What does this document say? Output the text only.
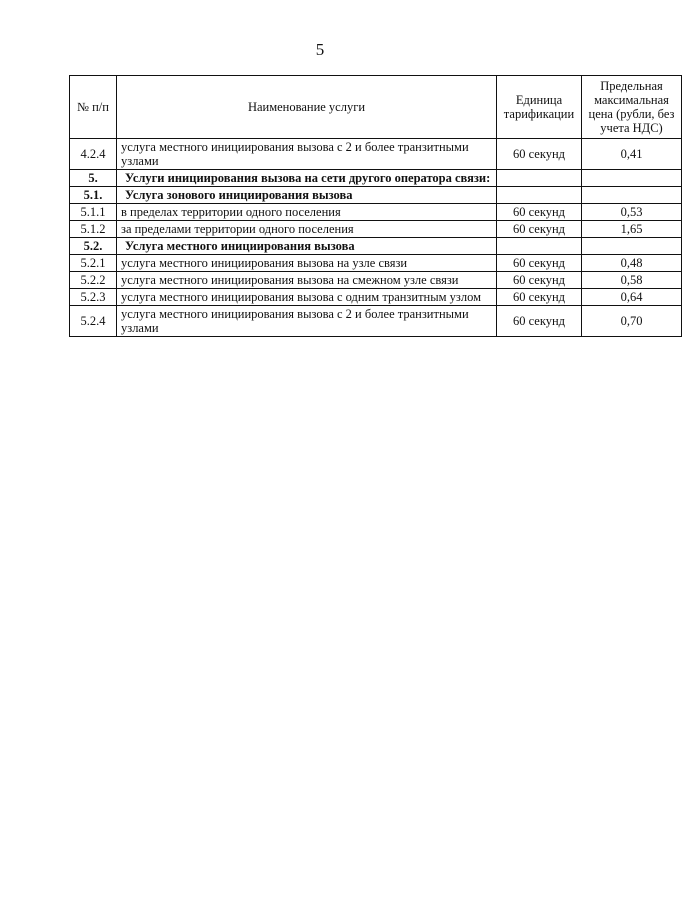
5
№ п/п	Наименование услуги	Единица тарификации	Предельная максимальная цена (рубли, без учета НДС)
4.2.4	услуга местного инициирования вызова с 2 и более транзитными узлами	60 секунд	0,41
5.	Услуги инициирования вызова на сети другого оператора связи:		
5.1.	Услуга зонового инициирования вызова		
5.1.1	в пределах территории одного поселения	60 секунд	0,53
5.1.2	за пределами территории одного поселения	60 секунд	1,65
5.2.	Услуга местного инициирования вызова		
5.2.1	услуга местного инициирования вызова на узле связи	60 секунд	0,48
5.2.2	услуга местного инициирования вызова на смежном узле связи	60 секунд	0,58
5.2.3	услуга местного инициирования вызова с одним транзитным узлом	60 секунд	0,64
5.2.4	услуга местного инициирования вызова с 2 и более транзитными узлами	60 секунд	0,70
